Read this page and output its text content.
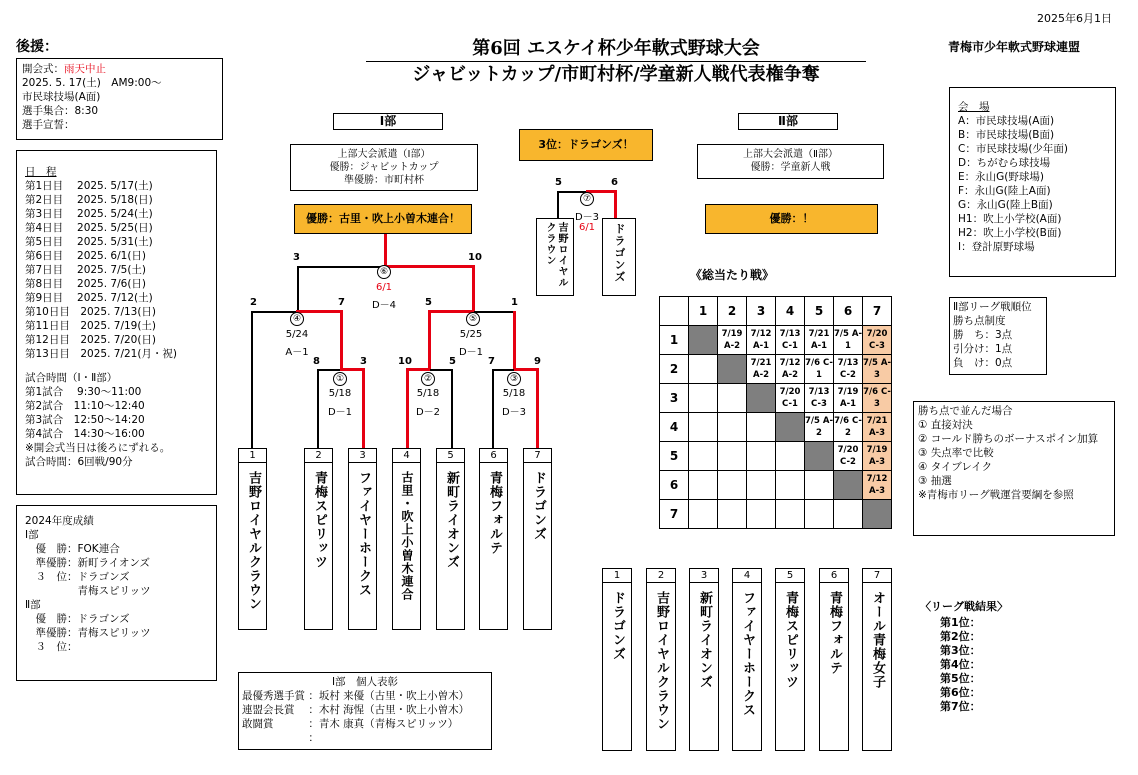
2025年6月1日
後援：	第6回 エスケイ杯少年軟式野球大会
ジャビットカップ/市町村杯/学童新人戦代表権争奪
青梅市少年軟式野球連盟
開会式：雨天中止
2025. 5. 17(土)　AM9:00〜
市民球技場(A面)
選手集合：8:30
選手宣誓：
日　程
第1日目　 2025. 5/17(土)
第2日目　 2025. 5/18(日)
第3日目　 2025. 5/24(土)
第4日目　 2025. 5/25(日)
第5日目　 2025. 5/31(土)
第6日目　 2025. 6/1(日)
第7日目　 2025. 7/5(土)
第8日目　 2025. 7/6(日)
第9日目　 2025. 7/12(土)
第10日目　2025. 7/13(日)
第11日目　2025. 7/19(土)
第12日目　2025. 7/20(日)
第13日目　2025. 7/21(月・祝)
試合時間（Ⅰ・Ⅱ部）
第1試合　 9:30〜11:00
第2試合　11:10〜12:40
第3試合　12:50〜14:20
第4試合　14:30〜16:00
※開会式当日は後ろにずれる。
試合時間：6回戦/90分
2024年度成績
Ⅰ部
　優　勝：FOK連合
　準優勝：新町ライオンズ
　３　位：ドラゴンズ
　　　　　青梅スピリッツ
Ⅱ部
　優　勝：ドラゴンズ
　準優勝：青梅スピリッツ
　３　位：
Ⅰ部
上部大会派遣（Ⅰ部）
優勝：ジャビットカップ
準優勝：市町村杯
優勝：古里・吹上小曽木連合！
⑥
6/1
D－4
3	10
④
5/24
A－1
2	7
⑤
5/25
D－1
5	1
①
5/18
D－1
8	3
②
5/18
D－2
10	5
③
5/18
D－3
7	9
1
吉野ロイヤルクラウン
2
青梅スピリッツ
3
ファイヤーホークス
4
古里・吹上小曽木連合
5
新町ライオンズ
6
青梅フォルテ
7
ドラゴンズ
3位：ドラゴンズ！
5	6
⑦
D－3
6/1
吉野ロイヤルクラウン	ドラゴンズ
Ⅱ部
上部大会派遣（Ⅱ部）
優勝：学童新人戦
優勝：！
《総当たり戦》
	1	2	3	4	5	6	7
1		7/19 A-2	7/12 A-1	7/13 C-1	7/21 A-1	7/5 A-1	7/20 C-3
2			7/21 A-2	7/12 A-2	7/6 C-1	7/13 C-2	7/5 A-3
3				7/20 C-1	7/13 C-3	7/19 A-1	7/6 C-3
4					7/5 A-2	7/6 C-2	7/21 A-3
5						7/20 C-2	7/19 A-3
6							7/12 A-3
7							
1
ドラゴンズ
2
吉野ロイヤルクラウン
3
新町ライオンズ
4
ファイヤーホークス
5
青梅スピリッツ
6
青梅フォルテ
7
オール青梅女子
会　場
A：市民球技場(A面)
B：市民球技場(B面)
C：市民球技場(少年面)
D：ちがむら球技場
E：永山G(野球場)
F：永山G(陸上A面)
G：永山G(陸上B面)
H1：吹上小学校(A面)
H2：吹上小学校(B面)
I：登計原野球場
Ⅱ部リーグ戦順位
勝ち点制度
勝　ち：3点
引分け：1点
負　け：0点
勝ち点で並んだ場合
① 直接対決
② コールド勝ちのボーナスポイン加算
③ 失点率で比較
④ タイブレイク
③ 抽選
※青梅市リーグ戦運営要綱を参照
〈リーグ戦結果〉
第1位：
第2位：
第3位：
第4位：
第5位：
第6位：
第7位：
Ⅰ部　個人表彰
最優秀選手賞 ：坂村 来優（古里・吹上小曽木）
連盟会長賞　 ：木村 海惺（古里・吹上小曽木）
敢闘賞　　　 ：青木 康真（青梅スピリッツ）
　　　　　　 ：
